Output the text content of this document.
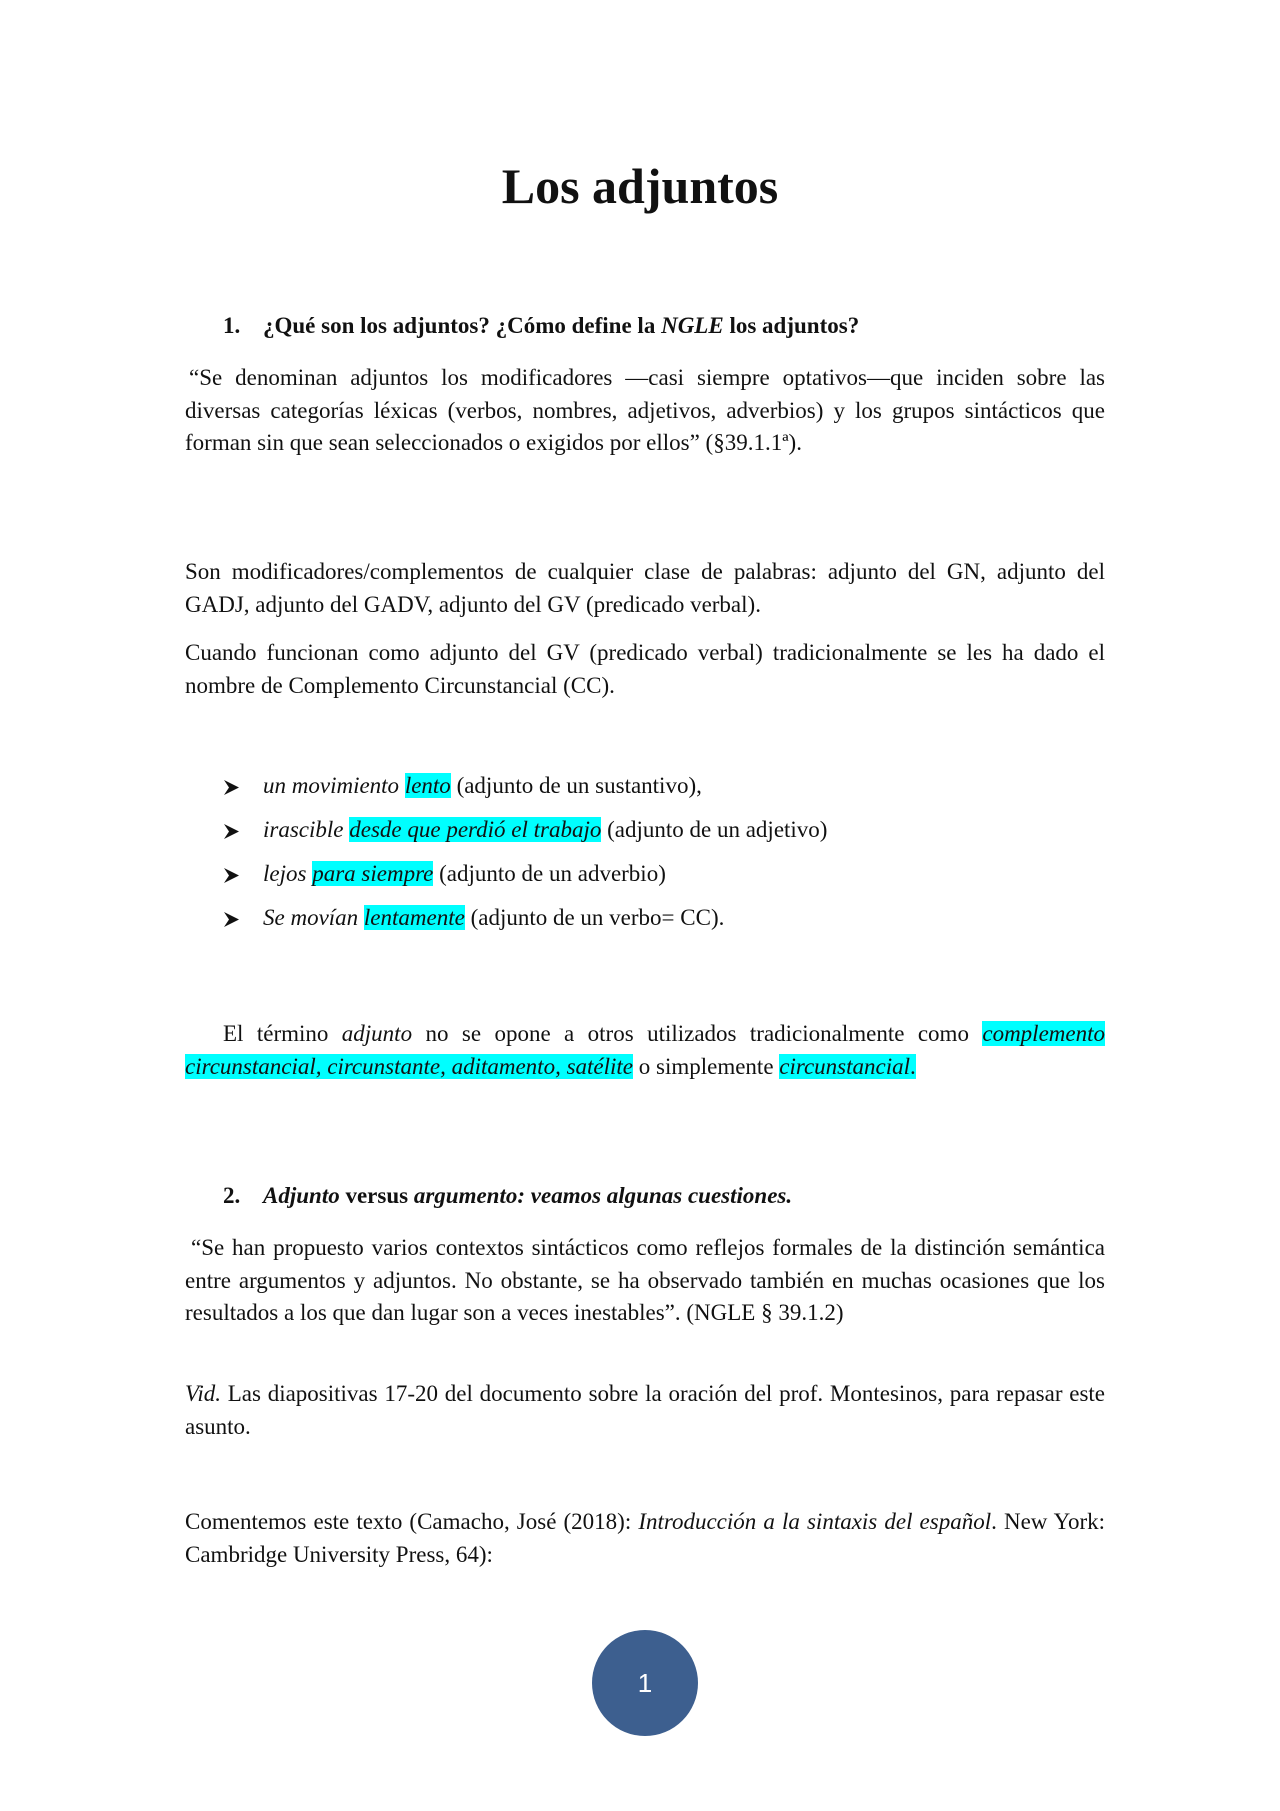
Los adjuntos
1. ¿Qué son los adjuntos? ¿Cómo define la NGLE los adjuntos?

“Se denominan adjuntos los modificadores —casi siempre optativos—que inciden sobre las diversas categorías léxicas (verbos, nombres, adjetivos, adverbios) y los grupos sintácticos que forman sin que sean seleccionados o exigidos por ellos” (§39.1.1ª).

Son modificadores/complementos de cualquier clase de palabras: adjunto del GN, adjunto del GADJ, adjunto del GADV, adjunto del GV (predicado verbal).

Cuando funcionan como adjunto del GV (predicado verbal) tradicionalmente se les ha dado el nombre de Complemento Circunstancial (CC).

un movimiento lento (adjunto de un sustantivo),
irascible desde que perdió el trabajo (adjunto de un adjetivo)
lejos para siempre (adjunto de un adverbio)
Se movían lentamente (adjunto de un verbo= CC).

El término adjunto no se opone a otros utilizados tradicionalmente como complemento circunstancial, circunstante, aditamento, satélite o simplemente circunstancial.

2. Adjunto versus argumento: veamos algunas cuestiones.

“Se han propuesto varios contextos sintácticos como reflejos formales de la distinción semántica entre argumentos y adjuntos. No obstante, se ha observado también en muchas ocasiones que los resultados a los que dan lugar son a veces inestables”. (NGLE § 39.1.2)

Vid. Las diapositivas 17-20 del documento sobre la oración del prof. Montesinos, para repasar este asunto.

Comentemos este texto (Camacho, José (2018): Introducción a la sintaxis del español. New York: Cambridge University Press, 64):

1
